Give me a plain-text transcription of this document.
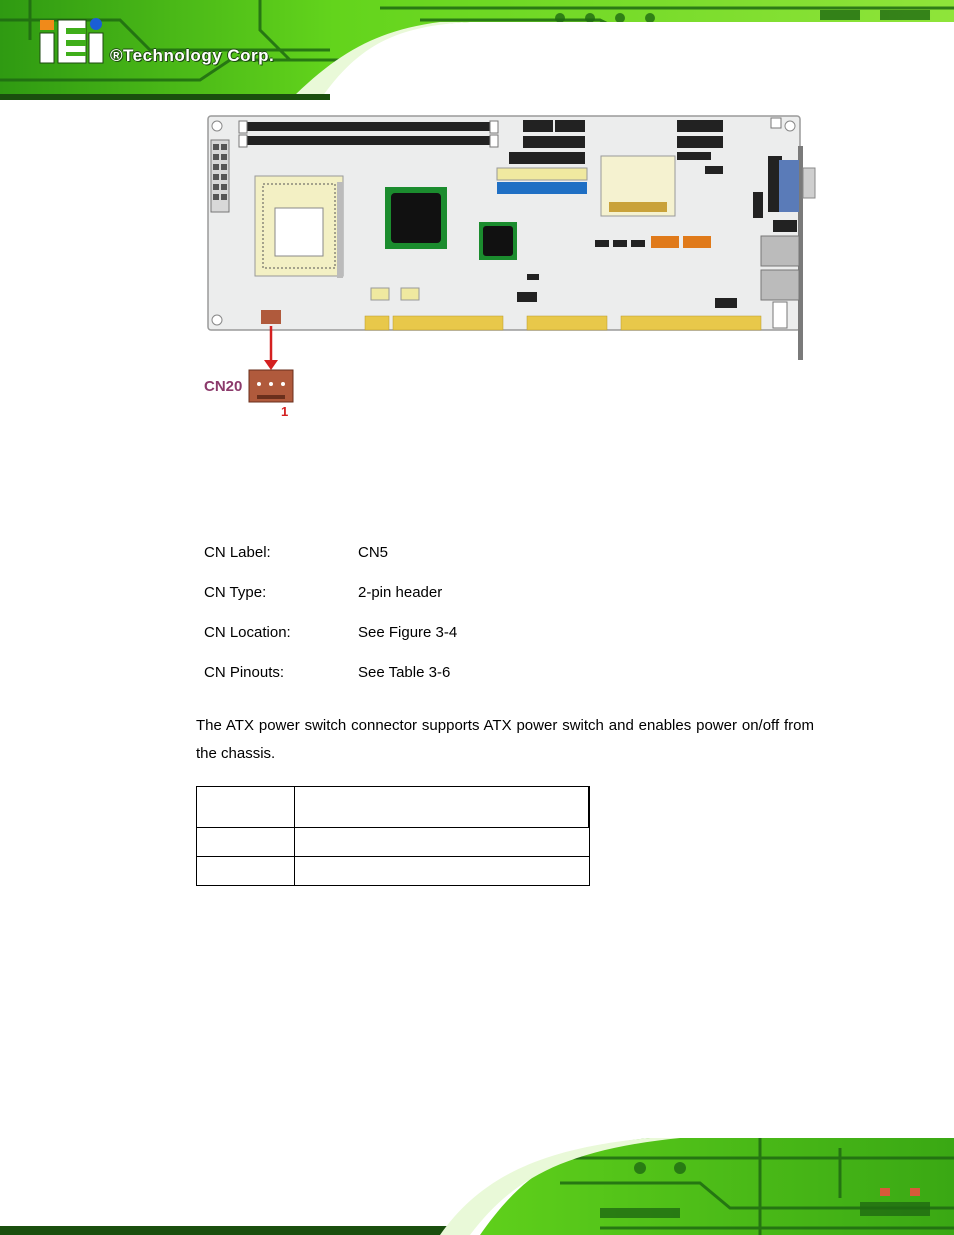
®Technology Corp.
CN20
1
CN Label:	CN5
CN Type:	2-pin header
CN Location:	See Figure 3-4
CN Pinouts:	See Table 3-6
The ATX power switch connector supports ATX power switch and enables power on/off from the chassis.
